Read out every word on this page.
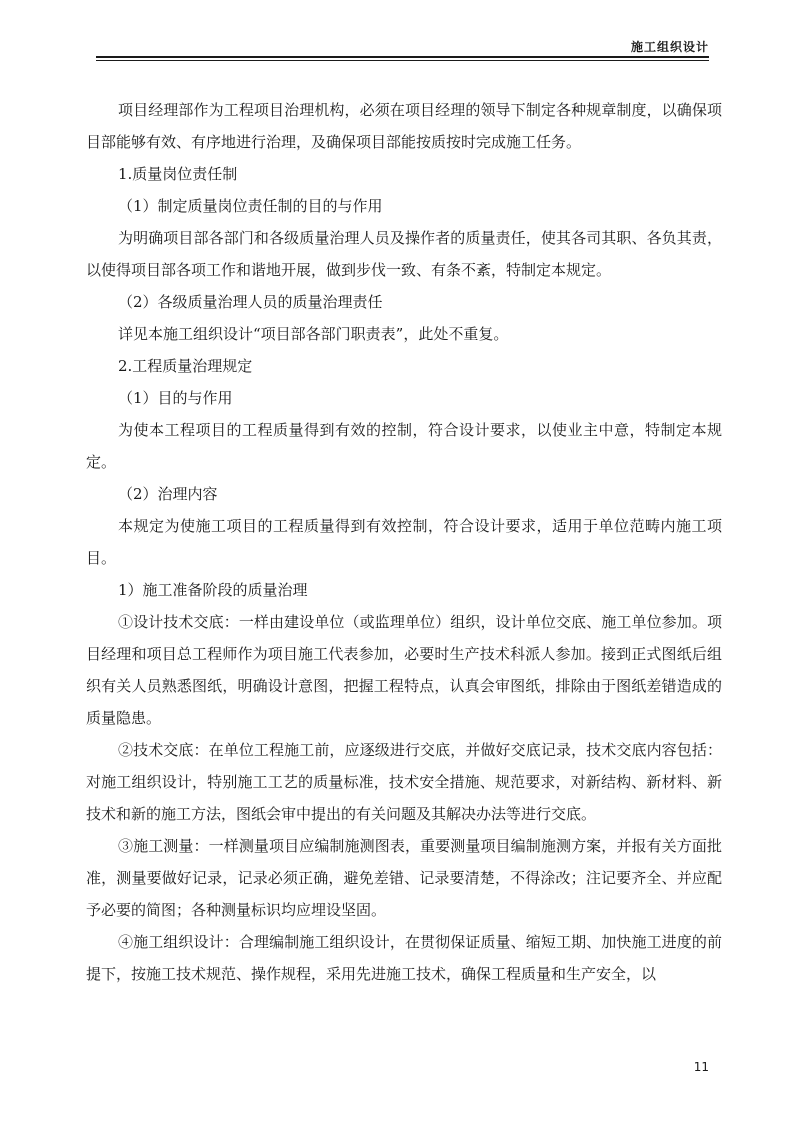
施工组织设计

项目经理部作为工程项目治理机构，必须在项目经理的领导下制定各种规章制度，以确保项目部能够有效、有序地进行治理，及确保项目部能按质按时完成施工任务。

1.质量岗位责任制

（1）制定质量岗位责任制的目的与作用

为明确项目部各部门和各级质量治理人员及操作者的质量责任，使其各司其职、各负其责，以使得项目部各项工作和谐地开展，做到步伐一致、有条不紊，特制定本规定。

（2）各级质量治理人员的质量治理责任

详见本施工组织设计“项目部各部门职责表”，此处不重复。

2.工程质量治理规定

（1）目的与作用

为使本工程项目的工程质量得到有效的控制，符合设计要求，以使业主中意，特制定本规定。

（2）治理内容

本规定为使施工项目的工程质量得到有效控制，符合设计要求，适用于单位范畴内施工项目。

1）施工准备阶段的质量治理

①设计技术交底：一样由建设单位（或监理单位）组织，设计单位交底、施工单位参加。项目经理和项目总工程师作为项目施工代表参加，必要时生产技术科派人参加。接到正式图纸后组织有关人员熟悉图纸，明确设计意图，把握工程特点，认真会审图纸，排除由于图纸差错造成的质量隐患。

②技术交底：在单位工程施工前，应逐级进行交底，并做好交底记录，技术交底内容包括：对施工组织设计，特别施工工艺的质量标准，技术安全措施、规范要求，对新结构、新材料、新技术和新的施工方法，图纸会审中提出的有关问题及其解决办法等进行交底。

③施工测量：一样测量项目应编制施测图表，重要测量项目编制施测方案，并报有关方面批准，测量要做好记录，记录必须正确，避免差错、记录要清楚，不得涂改；注记要齐全、并应配予必要的简图；各种测量标识均应埋设坚固。

④施工组织设计：合理编制施工组织设计，在贯彻保证质量、缩短工期、加快施工进度的前提下，按施工技术规范、操作规程，采用先进施工技术，确保工程质量和生产安全，以

11
